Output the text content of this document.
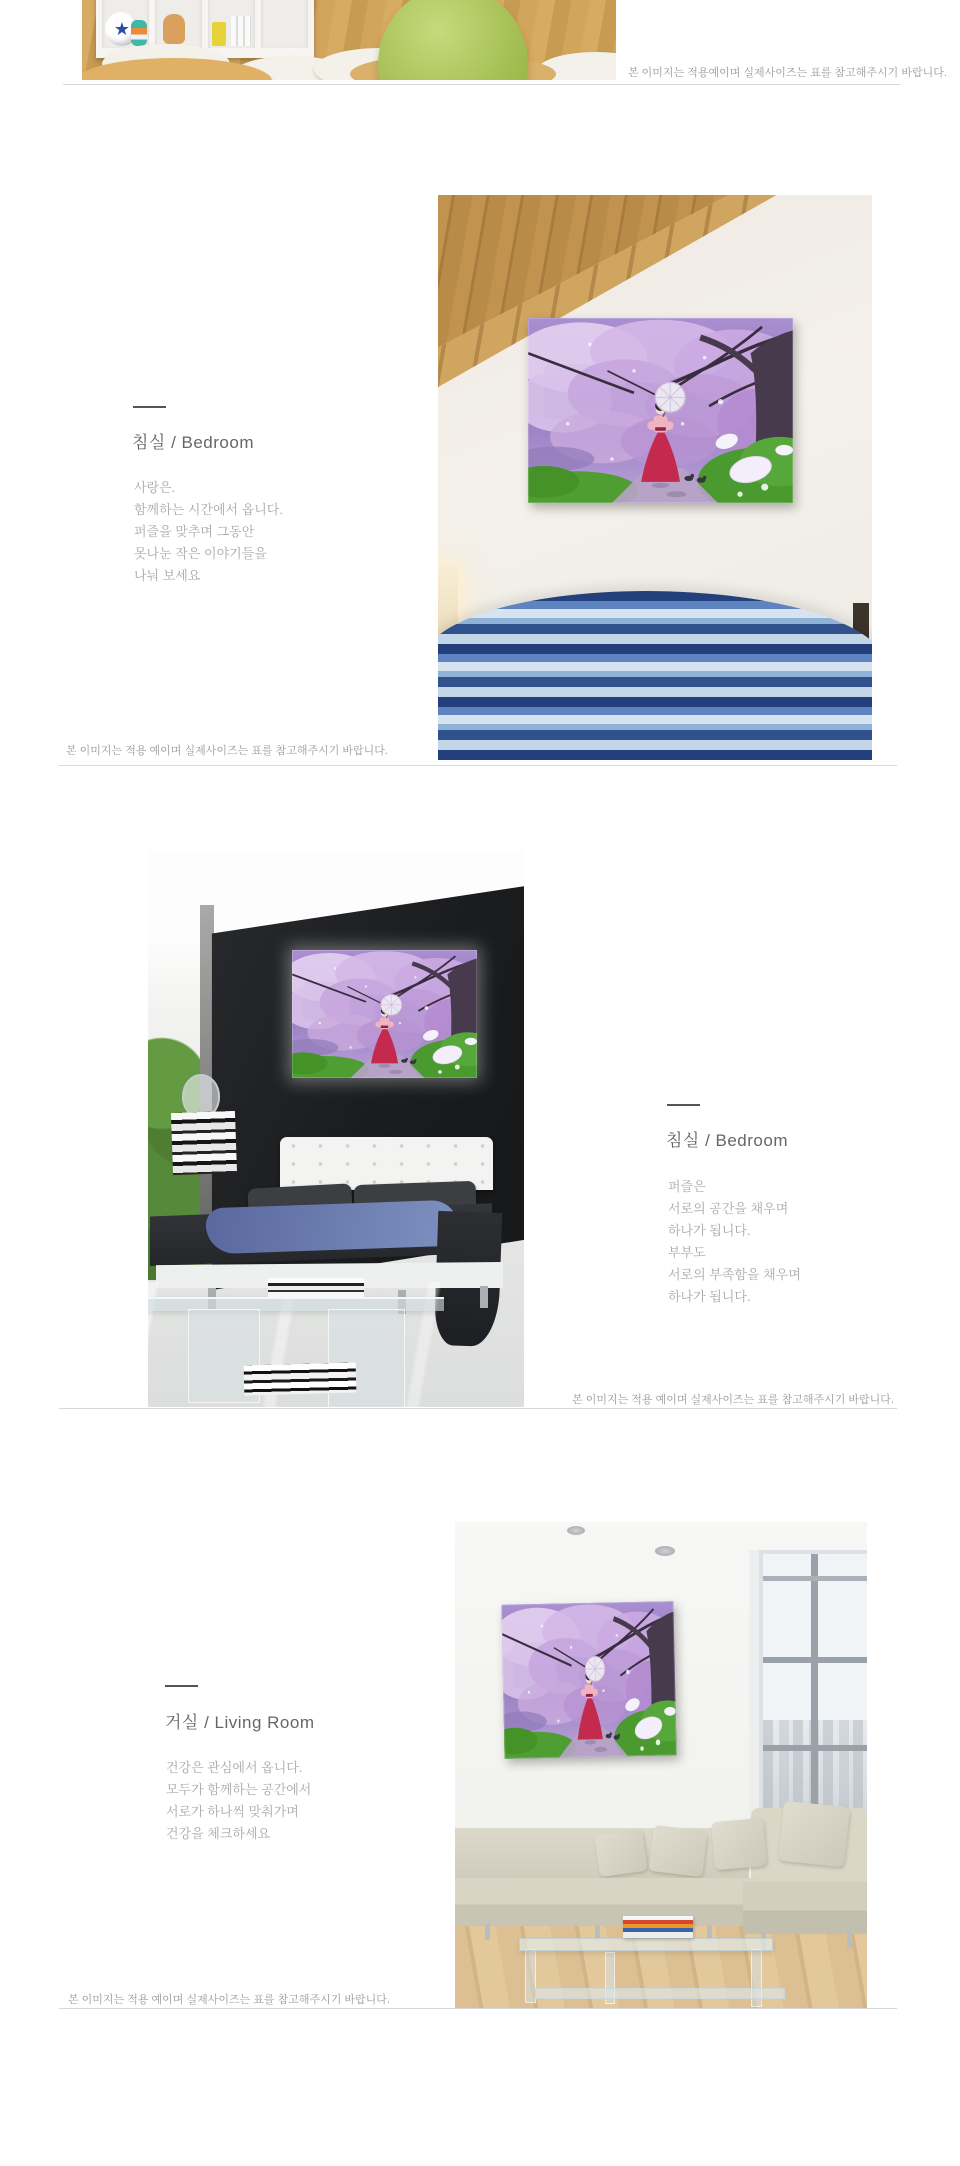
★
본 이미지는 적용예이며 실제사이즈는 표를 참고해주시기 바랍니다.
침실 / Bedroom
사랑은.
함께하는 시간에서 옵니다.
퍼즐을 맞추며 그동안
못나눈 작은 이야기들을
나눠 보세요
본 이미지는 적용 예이며 실제사이즈는 표를 참고해주시기 바랍니다.
침실 / Bedroom
퍼즐은
서로의 공간을 채우며
하나가 됩니다.
부부도
서로의 부족함을 채우며
하나가 됩니다.
본 이미지는 적용 예이며 실제사이즈는 표를 참고해주시기 바랍니다.
거실 / Living Room
건강은 관심에서 옵니다.
모두가 함께하는 공간에서
서로가 하나씩 맞춰가며
건강을 체크하세요
본 이미지는 적용 예이며 실제사이즈는 표를 참고해주시기 바랍니다.
